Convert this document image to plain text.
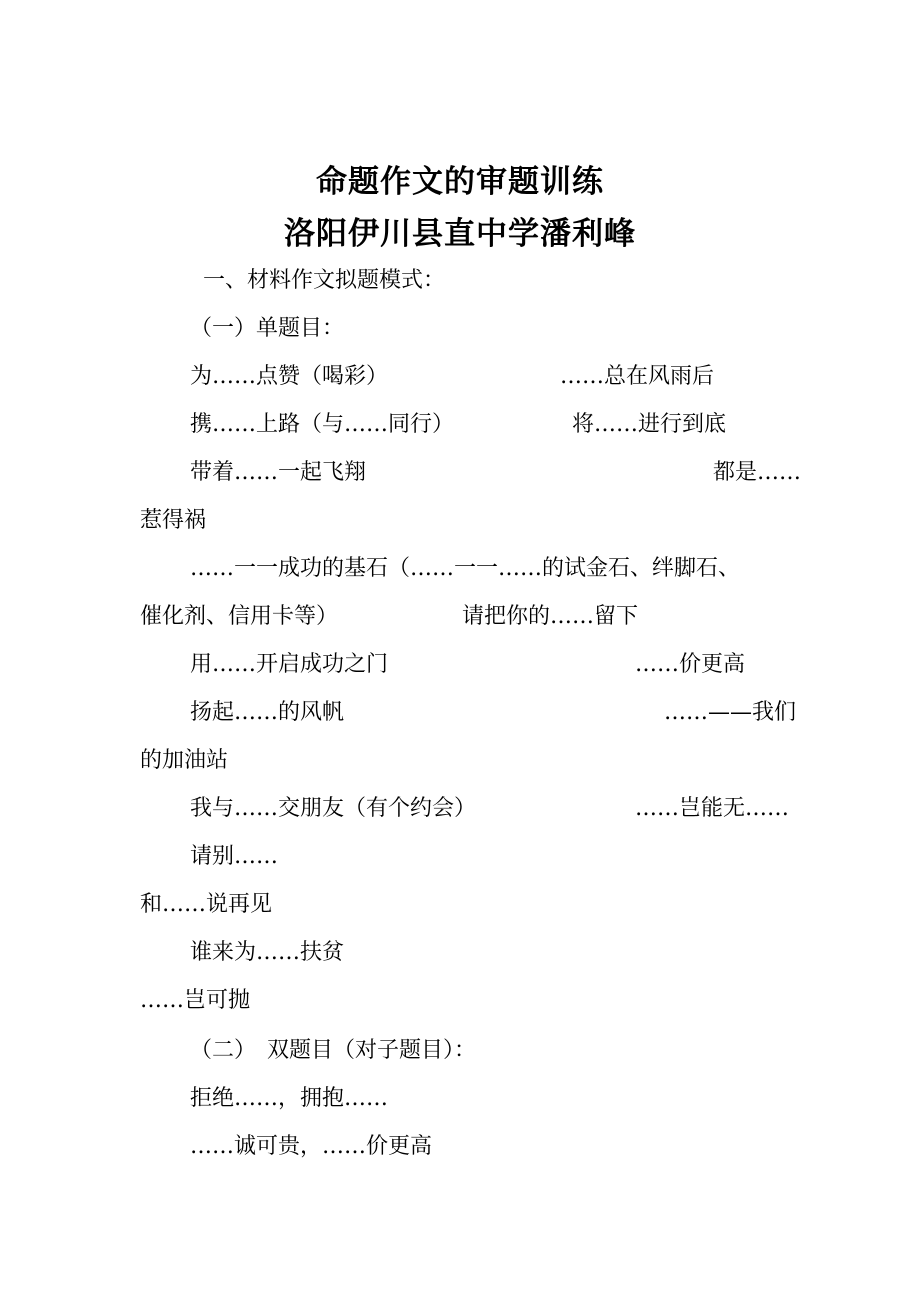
命题作文的审题训练
洛阳伊川县直中学潘利峰
一、材料作文拟题模式：
（一）单题目：
为……点赞（喝彩）	……总在风雨后
携……上路（与……同行）	将……进行到底
带着……一起飞翔	都是……
惹得祸
……一一成功的基石（……一一……的试金石、绊脚石、
催化剂、信用卡等）	请把你的……留下
用……开启成功之门	……价更高
扬起……的风帆	……——我们
的加油站
我与……交朋友（有个约会）	……岂能无……
请别……
和……说再见
谁来为……扶贫
……岂可抛
（二）　双题目（对子题目）：
拒绝……，拥抱……
……诚可贵，……价更高
